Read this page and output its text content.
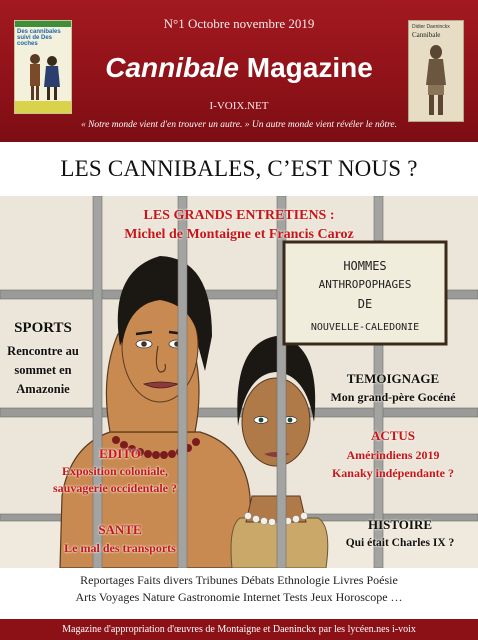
Des cannibales suivi de Des coches
N°1 Octobre novembre 2019
Cannibale Magazine
I-VOIX.NET
« Notre monde vient d'en trouver un autre. » Un autre monde vient révéler le nôtre.
Didier Daeninckx
Cannibale
LES CANNIBALES, C’EST NOUS ?
HOMMES
ANTHROPOPHAGES
DE
NOUVELLE-CALEDONIE
LES GRANDS ENTRETIENS :
Michel de Montaigne et Francis Caroz
SPORTS
Rencontre au sommet en Amazonie
TEMOIGNAGE
Mon grand-père Gocéné
ACTUS
Amérindiens 2019
Kanaky indépendante ?
EDITO
Exposition coloniale,
sauvagerie occidentale ?
HISTOIRE
Qui était Charles IX ?
SANTE
Le mal des transports
Reportages Faits divers Tribunes Débats Ethnologie Livres Poésie
Arts Voyages Nature Gastronomie Internet Tests Jeux Horoscope …
Magazine d'appropriation d'œuvres de Montaigne et Daeninckx par les lycéen.nes i-voix
